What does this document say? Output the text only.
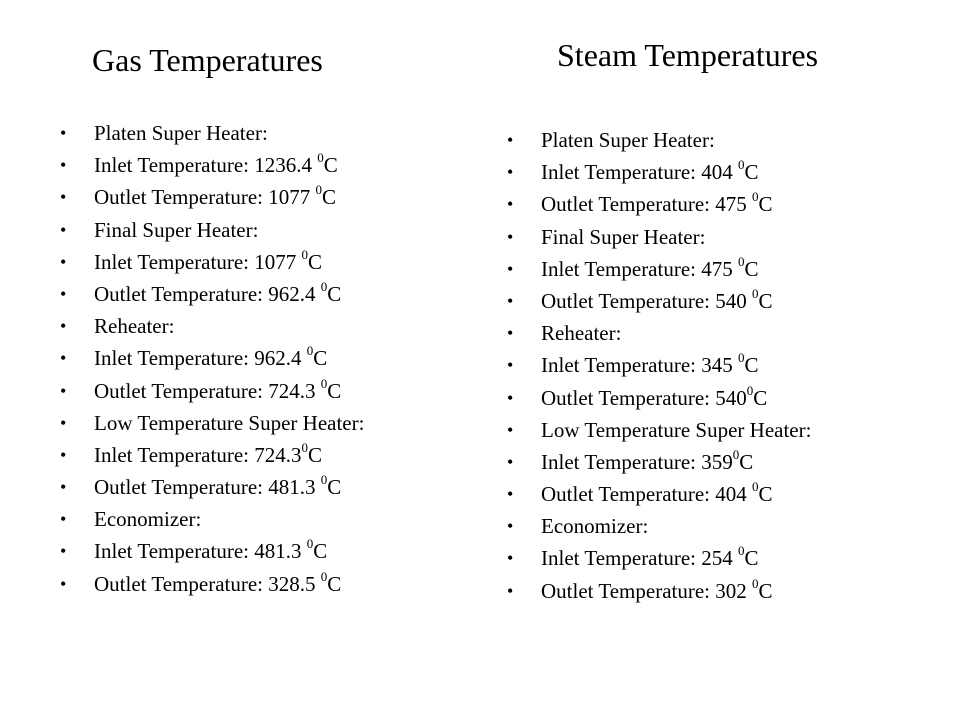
Gas Temperatures	Steam Temperatures
• Platen Super Heater:
• Inlet Temperature: 1236.4 $^0$C
• Outlet Temperature: 1077 $^0$C
• Final Super Heater:
• Inlet Temperature: 1077 $^0$C
• Outlet Temperature: 962.4 $^0$C
• Reheater:
• Inlet Temperature: 962.4 $^0$C
• Outlet Temperature: 724.3 $^0$C
• Low Temperature Super Heater:
• Inlet Temperature: 724.3$^0$C
• Outlet Temperature: 481.3 $^0$C
• Economizer:
• Inlet Temperature: 481.3 $^0$C
• Outlet Temperature: 328.5 $^0$C
• Platen Super Heater:
• Inlet Temperature: 404 $^0$C
• Outlet Temperature: 475 $^0$C
• Final Super Heater:
• Inlet Temperature: 475 $^0$C
• Outlet Temperature: 540 $^0$C
• Reheater:
• Inlet Temperature: 345 $^0$C
• Outlet Temperature: $540^0C$
• Low Temperature Super Heater:
• Inlet Temperature: $359^0C$
• Outlet Temperature: 404 $^0$C
• Economizer:
• Inlet Temperature: 254 $^0$C
• Outlet Temperature: 302 $^0$C
